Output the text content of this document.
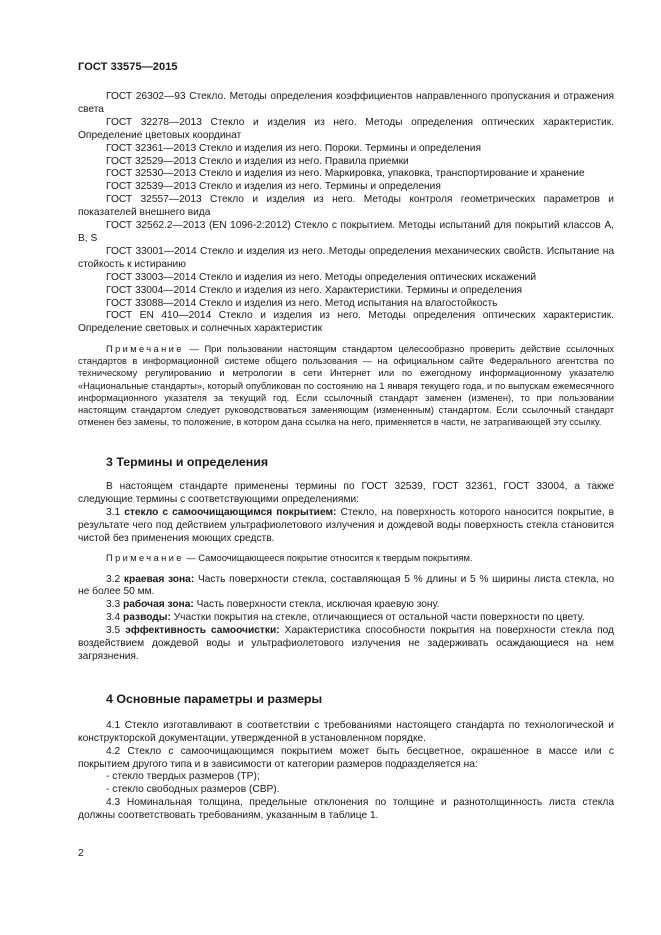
ГОСТ 33575—2015

ГОСТ 26302—93 Стекло. Методы определения коэффициентов направленного пропускания и отражения света

ГОСТ 32278—2013 Стекло и изделия из него. Методы определения оптических характеристик. Определение цветовых координат

ГОСТ 32361—2013 Стекло и изделия из него. Пороки. Термины и определения

ГОСТ 32529—2013 Стекло и изделия из него. Правила приемки

ГОСТ 32530—2013 Стекло и изделия из него. Маркировка, упаковка, транспортирование и хранение

ГОСТ 32539—2013 Стекло и изделия из него. Термины и определения

ГОСТ 32557—2013 Стекло и изделия из него. Методы контроля геометрических параметров и показателей внешнего вида

ГОСТ 32562.2—2013 (EN 1096-2:2012) Стекло с покрытием. Методы испытаний для покрытий классов A, B, S

ГОСТ 33001—2014 Стекло и изделия из него. Методы определения механических свойств. Испытание на стойкость к истиранию

ГОСТ 33003—2014 Стекло и изделия из него. Методы определения оптических искажений

ГОСТ 33004—2014 Стекло и изделия из него. Характеристики. Термины и определения

ГОСТ 33088—2014 Стекло и изделия из него. Метод испытания на влагостойкость

ГОСТ EN 410—2014 Стекло и изделия из него. Методы определения оптических характеристик. Определение световых и солнечных характеристик

Примечание — При пользовании настоящим стандартом целесообразно проверить действие ссылочных стандартов в информационной системе общего пользования — на официальном сайте Федерального агентства по техническому регулированию и метрологии в сети Интернет или по ежегодному информационному указателю «Национальные стандарты», который опубликован по состоянию на 1 января текущего года, и по выпускам ежемесячного информационного указателя за текущий год. Если ссылочный стандарт заменен (изменен), то при пользовании настоящим стандартом следует руководствоваться заменяющим (измененным) стандартом. Если ссылочный стандарт отменен без замены, то положение, в котором дана ссылка на него, применяется в части, не затрагивающей эту ссылку.

3 Термины и определения

В настоящем стандарте применены термины по ГОСТ 32539, ГОСТ 32361, ГОСТ 33004, а также следующие термины с соответствующими определениями:

3.1 стекло с самоочищающимся покрытием: Стекло, на поверхность которого наносится покрытие, в результате чего под действием ультрафиолетового излучения и дождевой воды поверхность стекла становится чистой без применения моющих средств.

Примечание — Самоочищающееся покрытие относится к твердым покрытиям.

3.2 краевая зона: Часть поверхности стекла, составляющая 5 % длины и 5 % ширины листа стекла, но не более 50 мм.

3.3 рабочая зона: Часть поверхности стекла, исключая краевую зону.

3.4 разводы: Участки покрытия на стекле, отличающиеся от остальной части поверхности по цвету.

3.5 эффективность самоочистки: Характеристика способности покрытия на поверхности стекла под воздействием дождевой воды и ультрафиолетового излучения не задерживать осаждающиеся на нем загрязнения.

4 Основные параметры и размеры

4.1 Стекло изготавливают в соответствии с требованиями настоящего стандарта по технологической и конструкторской документации, утвержденной в установленном порядке.

4.2 Стекло с самоочищающимся покрытием может быть бесцветное, окрашенное в массе или с покрытием другого типа и в зависимости от категории размеров подразделяется на:

- стекло твердых размеров (ТР);

- стекло свободных размеров (СВР).

4.3 Номинальная толщина, предельные отклонения по толщине и разнотолщинность листа стекла должны соответствовать требованиям, указанным в таблице 1.

2
